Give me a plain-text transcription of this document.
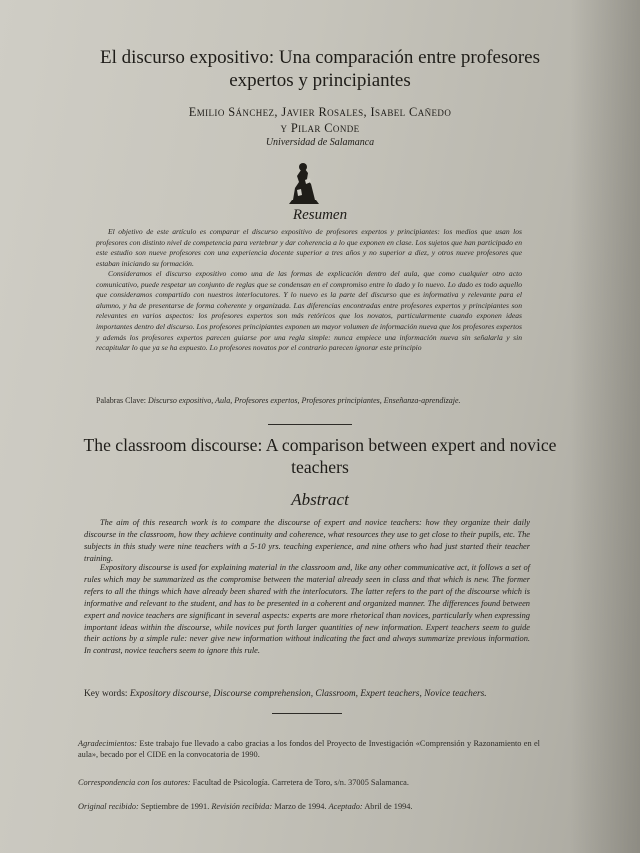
El discurso expositivo: Una comparación entre profesores expertos y principiantes
Emilio Sánchez, Javier Rosales, Isabel Cañedo
y Pilar Conde
Universidad de Salamanca
Resumen
El objetivo de este artículo es comparar el discurso expositivo de profesores expertos y principiantes: los medios que usan los profesores con distinto nivel de competencia para vertebrar y dar coherencia a lo que exponen en clase. Los sujetos que han participado en este estudio son nueve profesores con una experiencia docente superior a tres años y no superior a diez, y otros nueve profesores que estaban iniciando su formación.
Consideramos el discurso expositivo como una de las formas de explicación dentro del aula, que como cualquier otro acto comunicativo, puede respetar un conjunto de reglas que se condensan en el compromiso entre lo dado y lo nuevo. Lo dado es todo aquello que consideramos compartido con nuestros interlocutores. Y lo nuevo es la parte del discurso que es informativa y relevante para el alumno, y ha de presentarse de forma coherente y organizada. Las diferencias encontradas entre profesores expertos y principiantes son relevantes en varios aspectos: los profesores expertos son más retóricos que los novatos, particularmente cuando exponen ideas importantes dentro del discurso. Los profesores principiantes exponen un mayor volumen de información nueva que los profesores expertos y además los profesores expertos parecen guiarse por una regla simple: nunca empiece una información nueva sin señalarla y sin recapitular lo que ya se ha expuesto. Lo profesores novatos por el contrario parecen ignorar este principio
Palabras Clave: Discurso expositivo, Aula, Profesores expertos, Profesores principiantes, Enseñanza-aprendizaje.
The classroom discourse: A comparison between expert and novice teachers
Abstract
The aim of this research work is to compare the discourse of expert and novice teachers: how they organize their daily discourse in the classroom, how they achieve continuity and coherence, what resources they use to get close to their pupils, etc. The subjects in this study were nine teachers with a 5-10 yrs. teaching experience, and nine others who had just started their teacher training.
Expository discourse is used for explaining material in the classroom and, like any other communicative act, it follows a set of rules which may be summarized as the compromise between the material already seen in class and that which is new. The former refers to all the things which have already been shared with the interlocutors. The latter refers to the part of the discourse which is informative and relevant to the student, and has to be presented in a coherent and organized manner. The differences found between expert and novice teachers are significant in several aspects: experts are more rhetorical than novices, particularly when expressing important ideas within the discourse, while novices put forth larger quantities of new information. Expert teachers seem to guide their actions by a simple rule: never give new information without indicating the fact and always summarize previous information. In contrast, novice teachers seem to ignore this rule.
Key words: Expository discourse, Discourse comprehension, Classroom, Expert teachers, Novice teachers.
Agradecimientos: Este trabajo fue llevado a cabo gracias a los fondos del Proyecto de Investigación «Comprensión y Razonamiento en el aula», becado por el CIDE en la convocatoria de 1990.
Correspondencia con los autores: Facultad de Psicología. Carretera de Toro, s/n. 37005 Salamanca.
Original recibido: Septiembre de 1991. Revisión recibida: Marzo de 1994. Aceptado: Abril de 1994.
